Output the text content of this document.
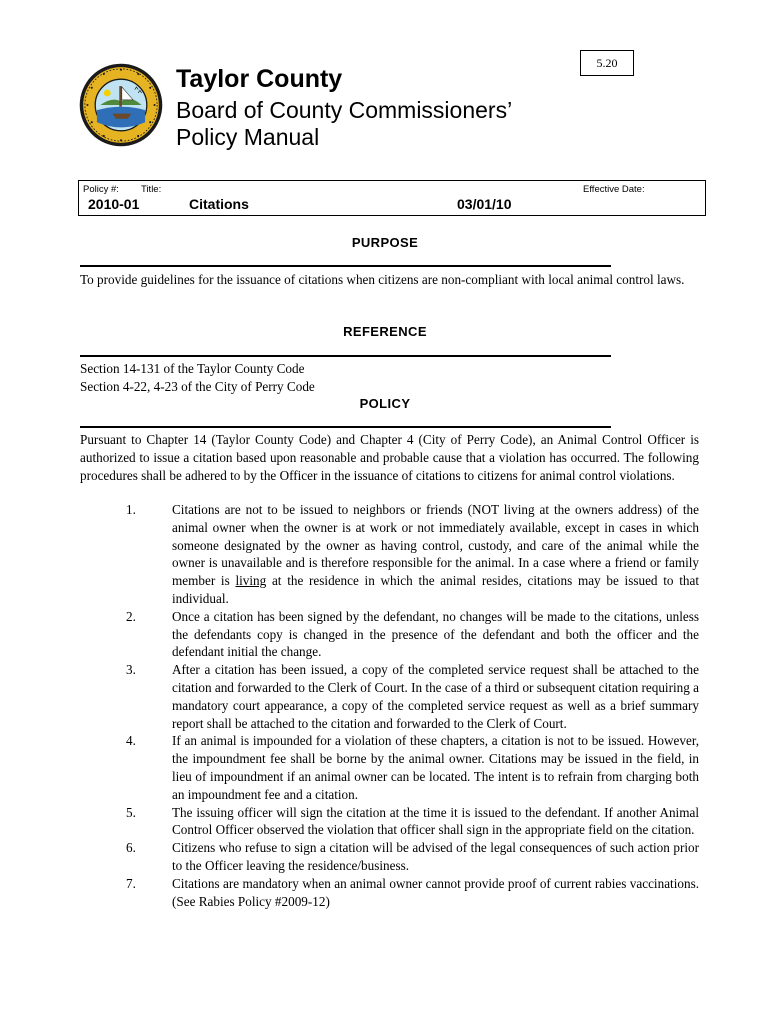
5.20
Taylor County
Board of County Commissioners’
Policy Manual
Policy #: Title:	Effective Date:
2010-01	Citations	03/01/10
PURPOSE
To provide guidelines for the issuance of citations when citizens are non-compliant with local animal control laws.
REFERENCE
Section 14-131 of the Taylor County Code
Section 4-22, 4-23 of the City of Perry Code
POLICY
Pursuant to Chapter 14 (Taylor County Code) and Chapter 4 (City of Perry Code), an Animal Control Officer is authorized to issue a citation based upon reasonable and probable cause that a violation has occurred. The following procedures shall be adhered to by the Officer in the issuance of citations to citizens for animal control violations.
1.	Citations are not to be issued to neighbors or friends (NOT living at the owners address) of the animal owner when the owner is at work or not immediately available, except in cases in which someone designated by the owner as having control, custody, and care of the animal while the owner is unavailable and is therefore responsible for the animal. In a case where a friend or family member is living at the residence in which the animal resides, citations may be issued to that individual.
2.	Once a citation has been signed by the defendant, no changes will be made to the citations, unless the defendants copy is changed in the presence of the defendant and both the officer and the defendant initial the change.
3.	After a citation has been issued, a copy of the completed service request shall be attached to the citation and forwarded to the Clerk of Court. In the case of a third or subsequent citation requiring a mandatory court appearance, a copy of the completed service request as well as a brief summary report shall be attached to the citation and forwarded to the Clerk of Court.
4.	If an animal is impounded for a violation of these chapters, a citation is not to be issued. However, the impoundment fee shall be borne by the animal owner. Citations may be issued in the field, in lieu of impoundment if an animal owner can be located. The intent is to refrain from charging both an impoundment fee and a citation.
5.	The issuing officer will sign the citation at the time it is issued to the defendant. If another Animal Control Officer observed the violation that officer shall sign in the appropriate field on the citation.
6.	Citizens who refuse to sign a citation will be advised of the legal consequences of such action prior to the Officer leaving the residence/business.
7.	Citations are mandatory when an animal owner cannot provide proof of current rabies vaccinations. (See Rabies Policy #2009-12)
